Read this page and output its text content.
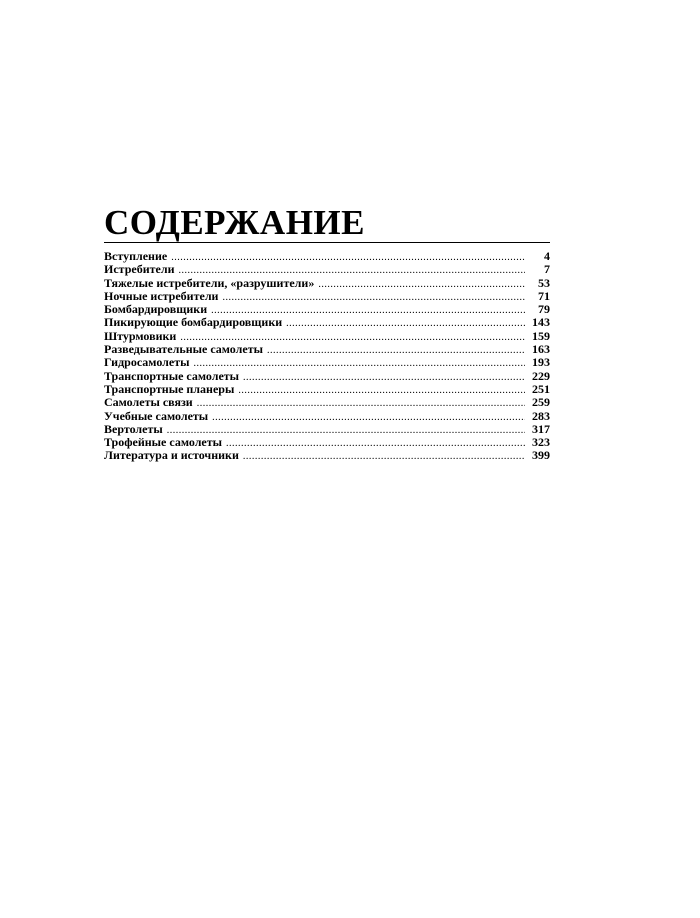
СОДЕРЖАНИЕ
Вступление .....	4
Истребители .....	7
Тяжелые истребители, «разрушители» .....	53
Ночные истребители .....	71
Бомбардировщики .....	79
Пикирующие бомбардировщики .....	143
Штурмовики .....	159
Разведывательные самолеты .....	163
Гидросамолеты .....	193
Транспортные самолеты .....	229
Транспортные планеры .....	251
Самолеты связи .....	259
Учебные самолеты .....	283
Вертолеты .....	317
Трофейные самолеты .....	323
Литература и источники .....	399
